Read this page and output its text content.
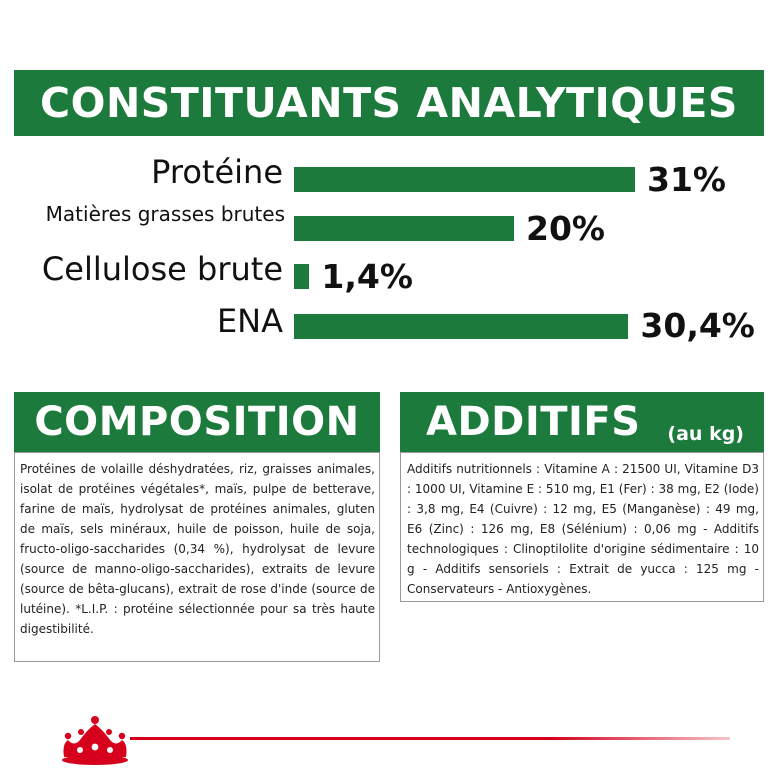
CONSTITUANTS ANALYTIQUES
Protéine	31%
Matières grasses brutes	20%
Cellulose brute 1,4%
ENA	30,4%
COMPOSITION
Protéines de volaille déshydratées, riz, graisses animales, isolat de protéines végétales*, maïs, pulpe de betterave, farine de maïs, hydrolysat de protéines animales, gluten de maïs, sels minéraux, huile de poisson, huile de soja, fructo-oligo-saccharides (0,34 %), hydrolysat de levure (source de manno-oligo-saccharides), extraits de levure (source de bêta-glucans), extrait de rose d'inde (source de lutéine). *L.I.P. : protéine sélectionnée pour sa très haute digestibilité.
ADDITIFS (au kg)
Additifs nutritionnels : Vitamine A : 21500 UI, Vitamine D3 : 1000 UI, Vitamine E : 510 mg, E1 (Fer) : 38 mg, E2 (Iode) : 3,8 mg, E4 (Cuivre) : 12 mg, E5 (Manganèse) : 49 mg, E6 (Zinc) : 126 mg, E8 (Sélénium) : 0,06 mg - Additifs technologiques : Clinoptilolite d'origine sédimentaire : 10 g - Additifs sensoriels : Extrait de yucca : 125 mg - Conservateurs - Antioxygènes.
